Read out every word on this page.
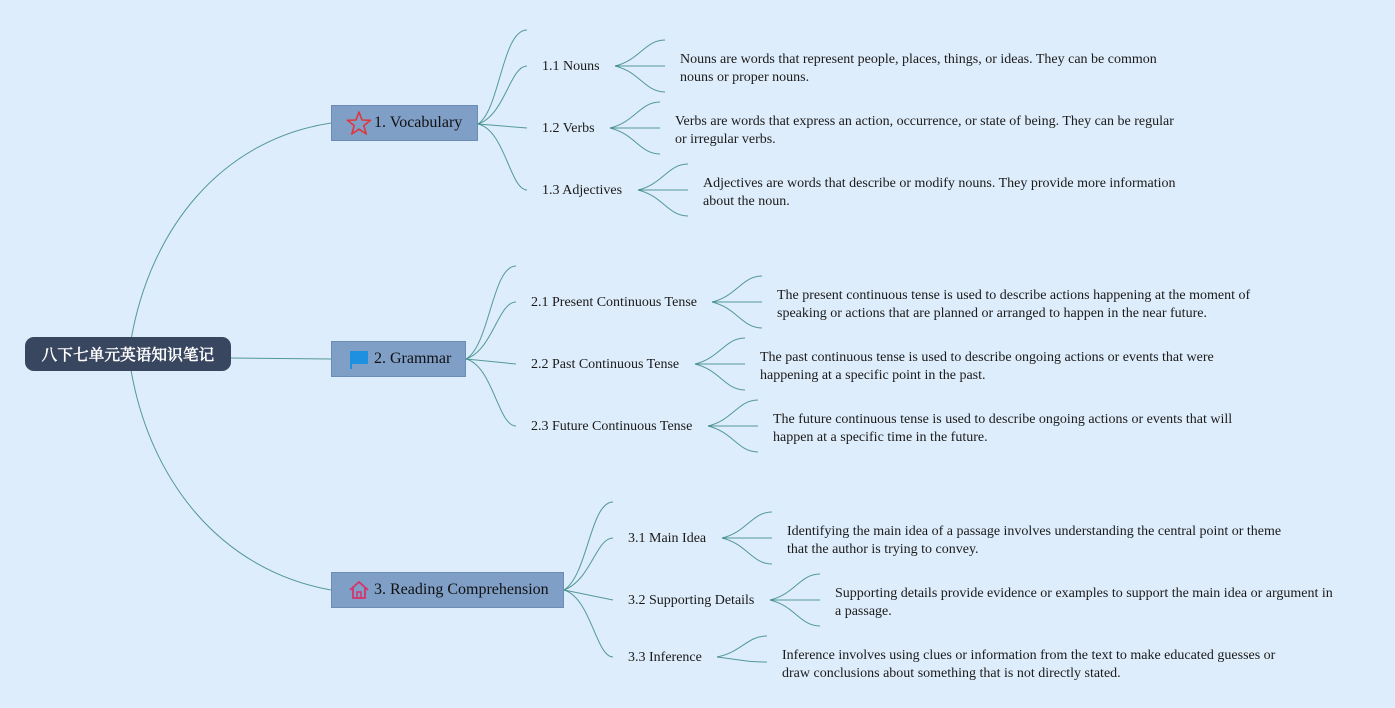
八下七单元英语知识笔记
1. Vocabulary
2. Grammar
3. Reading Comprehension
1.1 Nouns	Nouns are words that represent people, places, things, or ideas. They can be common nouns or proper nouns.
1.2 Verbs	Verbs are words that express an action, occurrence, or state of being. They can be regular or irregular verbs.
1.3 Adjectives	Adjectives are words that describe or modify nouns. They provide more information about the noun.
2.1 Present Continuous Tense	The present continuous tense is used to describe actions happening at the moment of speaking or actions that are planned or arranged to happen in the near future.
2.2 Past Continuous Tense	The past continuous tense is used to describe ongoing actions or events that were happening at a specific point in the past.
2.3 Future Continuous Tense	The future continuous tense is used to describe ongoing actions or events that will happen at a specific time in the future.
3.1 Main Idea	Identifying the main idea of a passage involves understanding the central point or theme that the author is trying to convey.
3.2 Supporting Details	Supporting details provide evidence or examples to support the main idea or argument in a passage.
3.3 Inference	Inference involves using clues or information from the text to make educated guesses or draw conclusions about something that is not directly stated.
